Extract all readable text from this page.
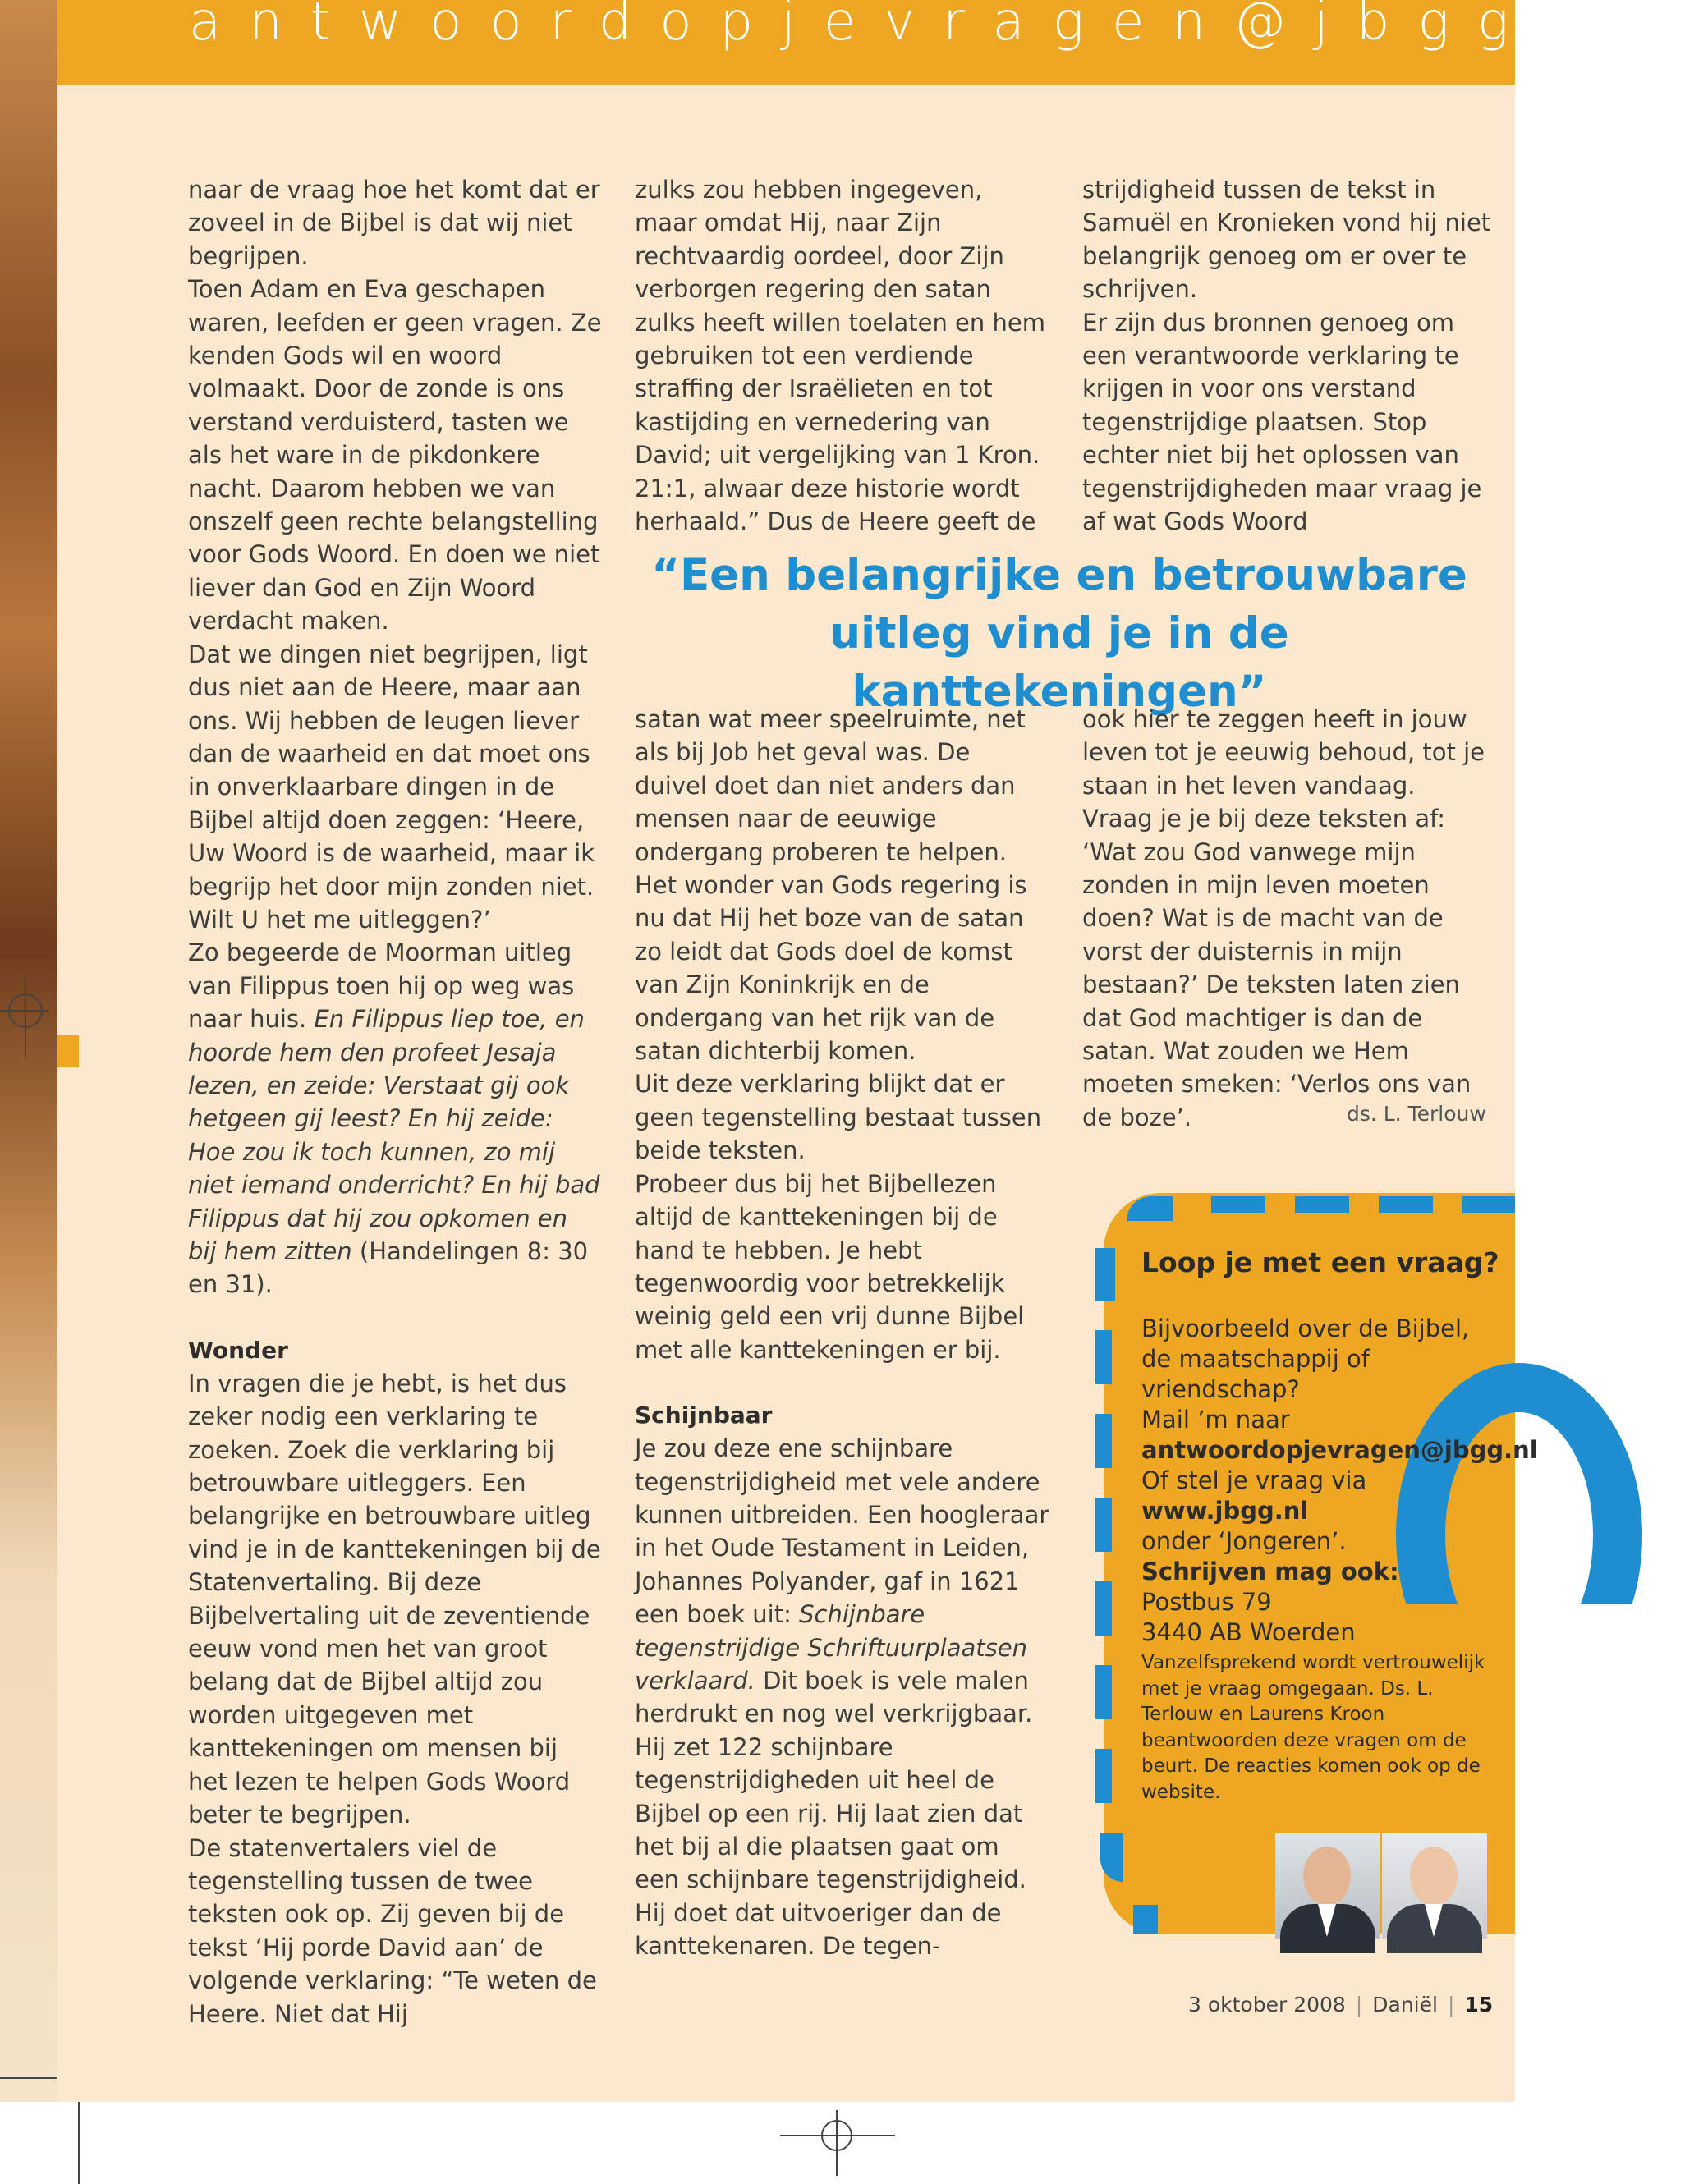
antwoordopjevragen@jbgg.nl

naar de vraag hoe het komt dat er zoveel in de Bijbel is dat wij niet begrijpen.

Toen Adam en Eva geschapen waren, leefden er geen vragen. Ze kenden Gods wil en woord volmaakt. Door de zonde is ons verstand verduisterd, tasten we als het ware in de pikdonkere nacht. Daarom hebben we van onszelf geen rechte belangstelling voor Gods Woord. En doen we niet liever dan God en Zijn Woord verdacht maken.

Dat we dingen niet begrijpen, ligt dus niet aan de Heere, maar aan ons. Wij hebben de leugen liever dan de waarheid en dat moet ons in onverklaarbare dingen in de Bijbel altijd doen zeggen: ‘Heere, Uw Woord is de waarheid, maar ik begrijp het door mijn zonden niet. Wilt U het me uitleggen?’

Zo begeerde de Moorman uitleg van Filippus toen hij op weg was naar huis. En Filippus liep toe, en hoorde hem den profeet Jesaja lezen, en zeide: Verstaat gij ook hetgeen gij leest? En hij zeide: Hoe zou ik toch kunnen, zo mij niet iemand onderricht? En hij bad Filippus dat hij zou opkomen en bij hem zitten (Handelingen 8: 30 en 31).

Wonder

In vragen die je hebt, is het dus zeker nodig een verklaring te zoeken. Zoek die verklaring bij betrouwbare uitleggers. Een belangrijke en betrouwbare uitleg vind je in de kanttekeningen bij de Statenvertaling. Bij deze Bijbelvertaling uit de zeventiende eeuw vond men het van groot belang dat de Bijbel altijd zou worden uitgegeven met kanttekeningen om mensen bij het lezen te helpen Gods Woord beter te begrijpen.

De statenvertalers viel de tegenstelling tussen de twee teksten ook op. Zij geven bij de tekst ‘Hij porde David aan’ de volgende verklaring: “Te weten de Heere. Niet dat Hij

zulks zou hebben ingegeven, maar omdat Hij, naar Zijn rechtvaardig oordeel, door Zijn verborgen regering den satan zulks heeft willen toelaten en hem gebruiken tot een verdiende straffing der Israëlieten en tot kastijding en vernedering van David; uit vergelijking van 1 Kron. 21:1, alwaar deze historie wordt herhaald.” Dus de Heere geeft de

“Een belangrijke en betrouwbare
uitleg vind je in de kanttekeningen”

satan wat meer speelruimte, net als bij Job het geval was. De duivel doet dan niet anders dan mensen naar de eeuwige ondergang proberen te helpen.

Het wonder van Gods regering is nu dat Hij het boze van de satan zo leidt dat Gods doel de komst van Zijn Koninkrijk en de ondergang van het rijk van de satan dichterbij komen.

Uit deze verklaring blijkt dat er geen tegenstelling bestaat tussen beide teksten.

Probeer dus bij het Bijbellezen altijd de kanttekeningen bij de hand te hebben. Je hebt tegenwoordig voor betrekkelijk weinig geld een vrij dunne Bijbel met alle kanttekeningen er bij.

Schijnbaar

Je zou deze ene schijnbare tegenstrijdigheid met vele andere kunnen uitbreiden. Een hoogleraar in het Oude Testament in Leiden, Johannes Polyander, gaf in 1621 een boek uit: Schijnbare tegenstrijdige Schriftuurplaatsen verklaard. Dit boek is vele malen herdrukt en nog wel verkrijgbaar.

Hij zet 122 schijnbare tegenstrijdigheden uit heel de Bijbel op een rij. Hij laat zien dat het bij al die plaatsen gaat om een schijnbare tegenstrijdigheid. Hij doet dat uitvoeriger dan de kanttekenaren. De tegen-

strijdigheid tussen de tekst in Samuël en Kronieken vond hij niet belangrijk genoeg om er over te schrijven.

Er zijn dus bronnen genoeg om een verantwoorde verklaring te krijgen in voor ons verstand tegenstrijdige plaatsen. Stop echter niet bij het oplossen van tegenstrijdigheden maar vraag je af wat Gods Woord

ook hier te zeggen heeft in jouw leven tot je eeuwig behoud, tot je staan in het leven vandaag.

Vraag je je bij deze teksten af: ‘Wat zou God vanwege mijn zonden in mijn leven moeten doen? Wat is de macht van de vorst der duisternis in mijn bestaan?’ De teksten laten zien dat God machtiger is dan de satan. Wat zouden we Hem moeten smeken: ‘Verlos ons van de boze’.	ds. L. Terlouw
Loop je met een vraag?
Bijvoorbeeld over de Bijbel, de maatschappij of vriendschap?
Mail ’m naar
antwoordopjevragen@jbgg.nl
Of stel je vraag via
www.jbgg.nl
onder ‘Jongeren’.
Schrijven mag ook:
Postbus 79
3440 AB Woerden
Vanzelfsprekend wordt vertrouwelijk met je vraag omgegaan. Ds. L. Terlouw en Laurens Kroon beantwoorden deze vragen om de beurt. De reacties komen ook op de website.
3 oktober 2008 | Daniël | 15
